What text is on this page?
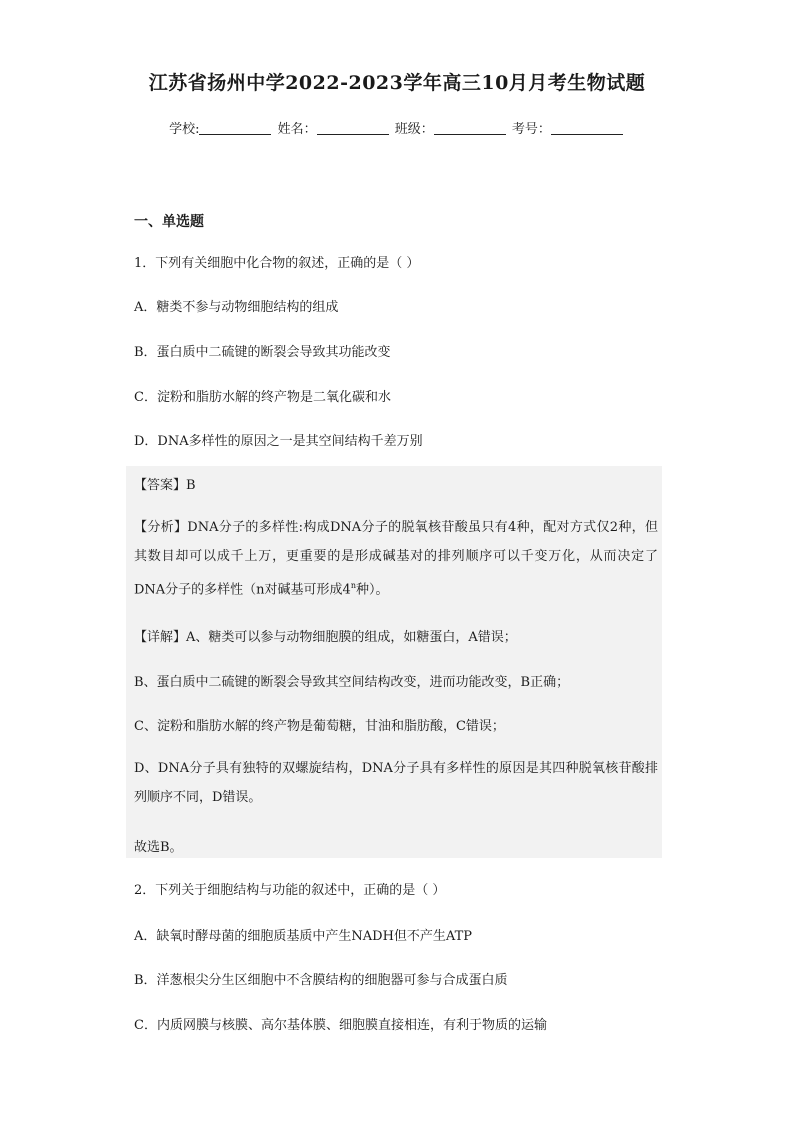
江苏省扬州中学2022-2023学年高三10月月考生物试题
学校:	姓名：	班级：	考号：
一、单选题
1．下列有关细胞中化合物的叙述，正确的是（ ）
A．糖类不参与动物细胞结构的组成
B．蛋白质中二硫键的断裂会导致其功能改变
C．淀粉和脂肪水解的终产物是二氧化碳和水
D．DNA多样性的原因之一是其空间结构千差万别
【答案】B
【分析】DNA分子的多样性:构成DNA分子的脱氧核苷酸虽只有4种，配对方式仅2种，但其数目却可以成千上万，更重要的是形成碱基对的排列顺序可以千变万化，从而决定了DNA分子的多样性（n对碱基可形成4$^n$种）。
【详解】A、糖类可以参与动物细胞膜的组成，如糖蛋白，A错误；
B、蛋白质中二硫键的断裂会导致其空间结构改变，进而功能改变，B正确；
C、淀粉和脂肪水解的终产物是葡萄糖，甘油和脂肪酸，C错误；
D、DNA分子具有独特的双螺旋结构，DNA分子具有多样性的原因是其四种脱氧核苷酸排列顺序不同，D错误。
故选B。
2．下列关于细胞结构与功能的叙述中，正确的是（ ）
A．缺氧时酵母菌的细胞质基质中产生NADH但不产生ATP
B．洋葱根尖分生区细胞中不含膜结构的细胞器可参与合成蛋白质
C．内质网膜与核膜、高尔基体膜、细胞膜直接相连，有利于物质的运输
